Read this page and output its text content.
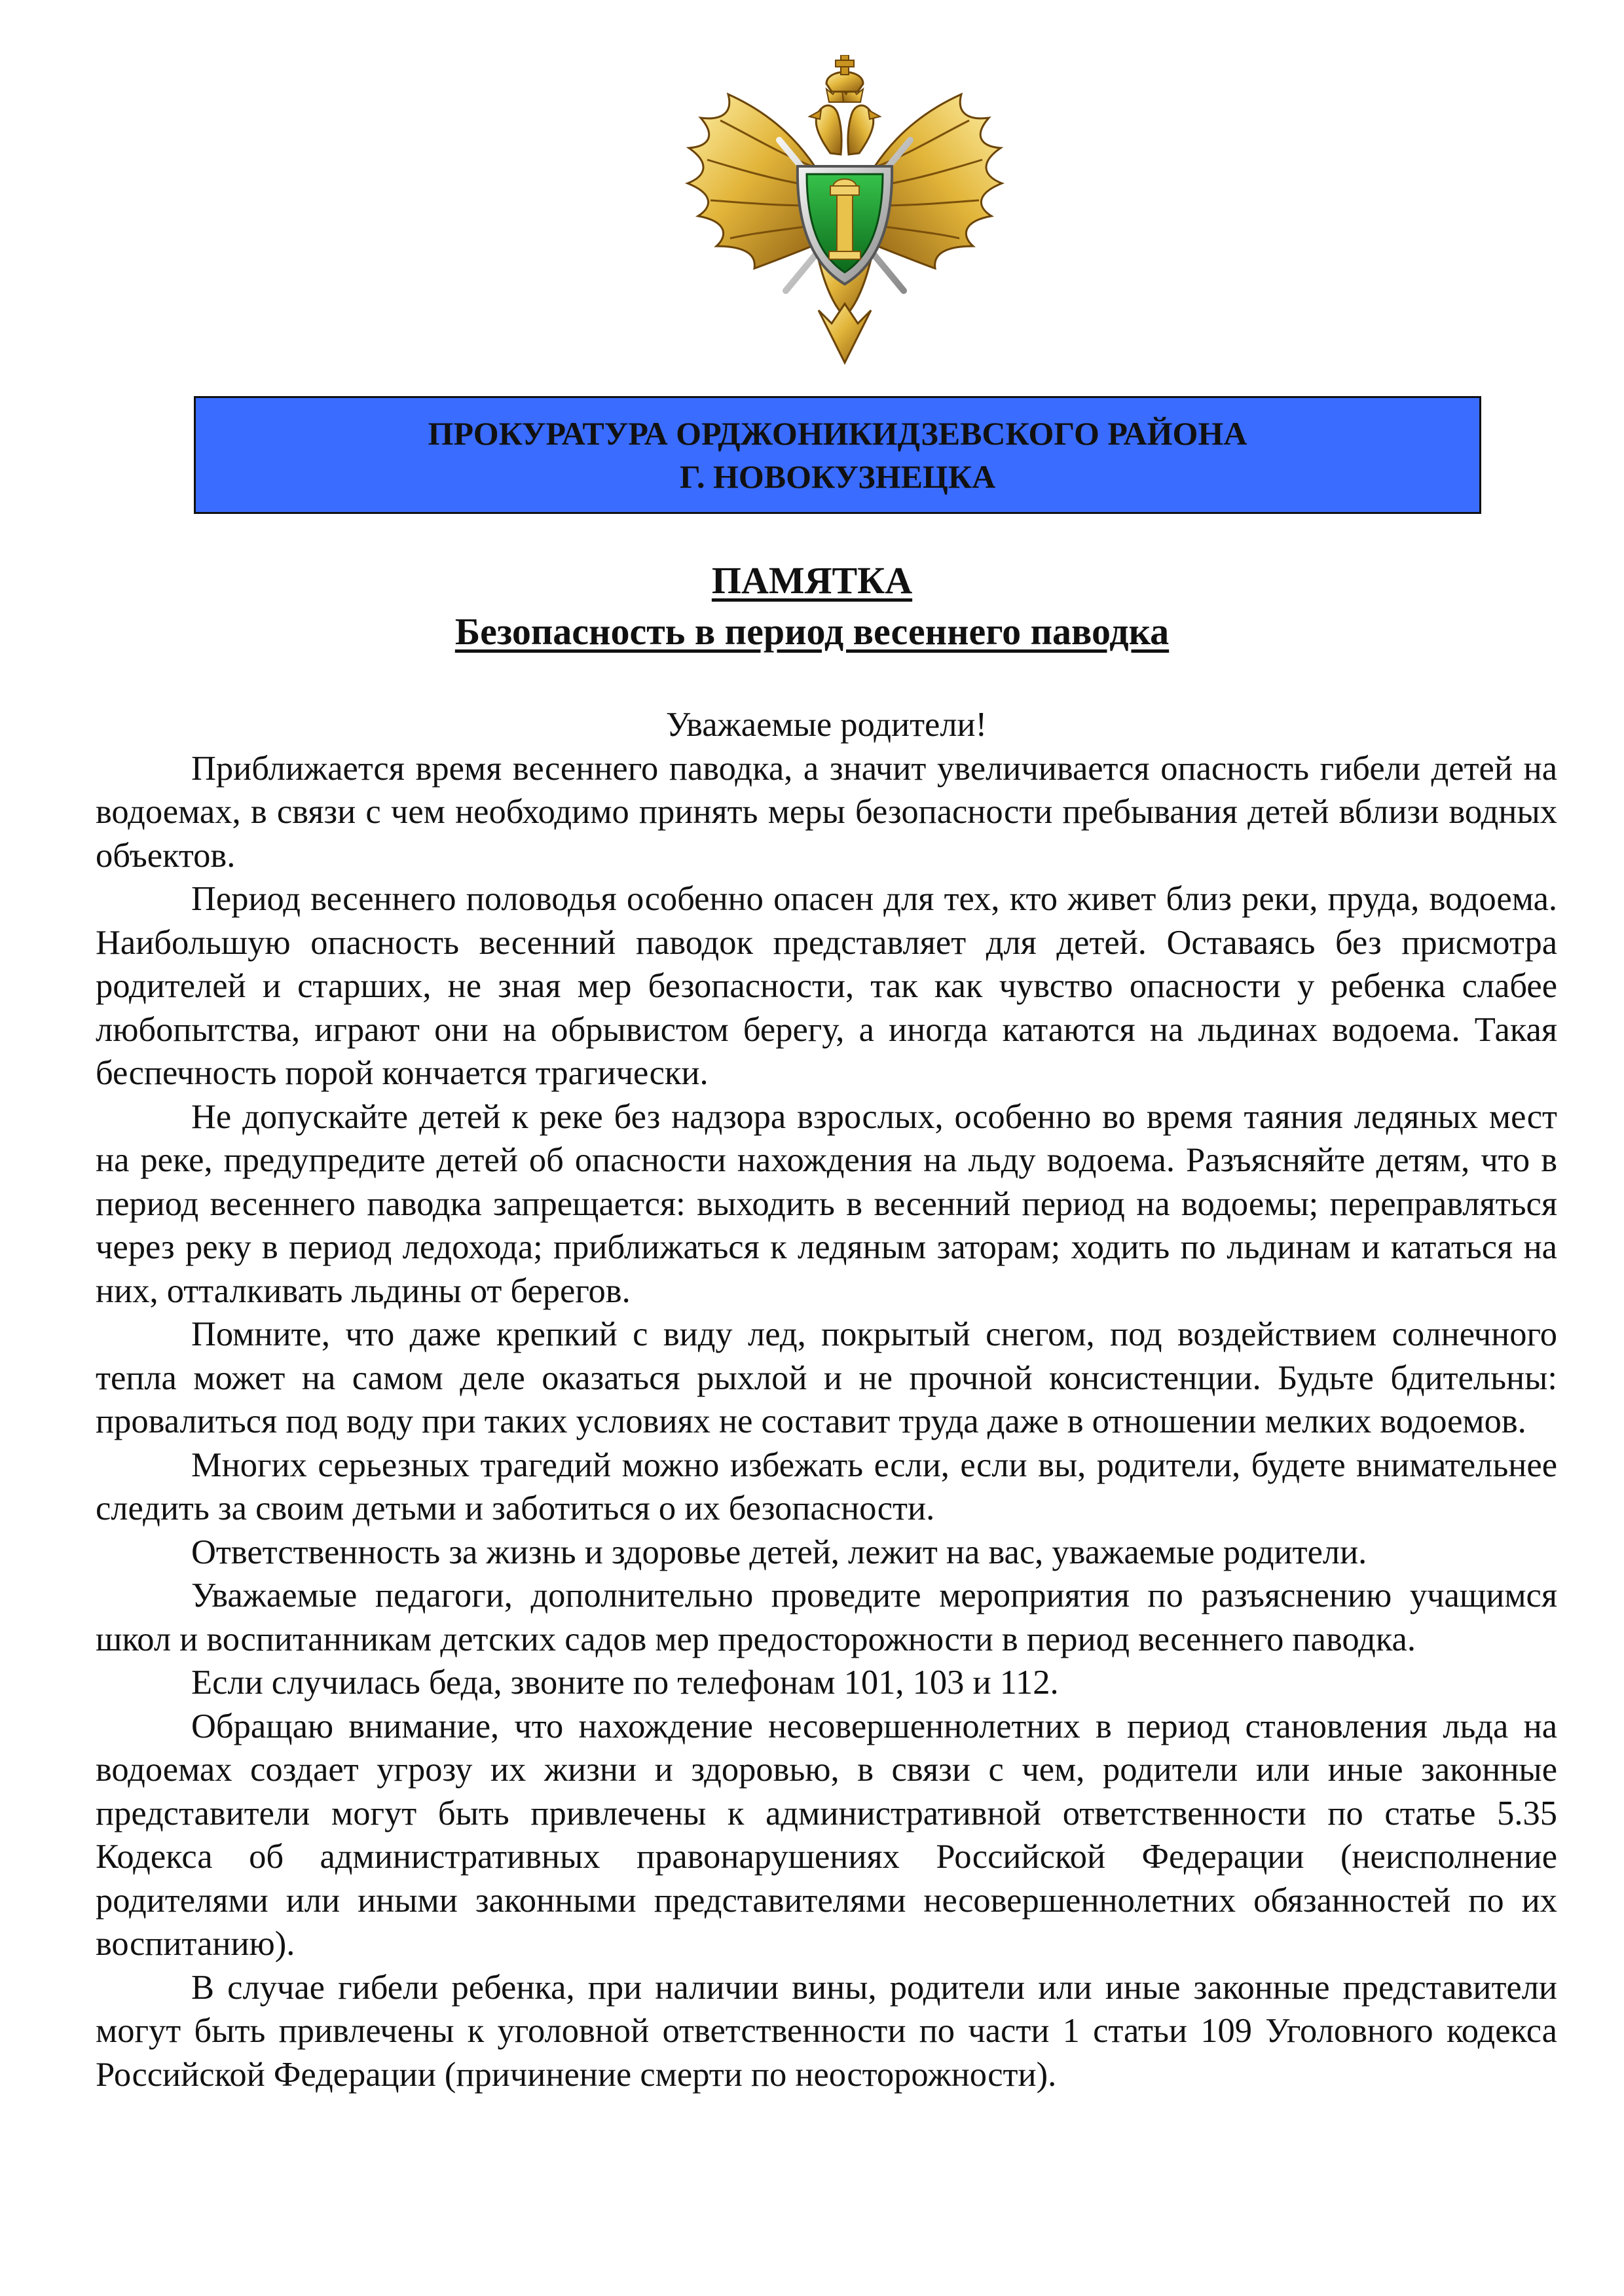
ПРОКУРАТУРА ОРДЖОНИКИДЗЕВСКОГО РАЙОНА
Г. НОВОКУЗНЕЦКА
ПАМЯТКА
Безопасность в период весеннего паводка

Уважаемые родители!

Приближается время весеннего паводка, а значит увеличивается опасность гибели детей на водоемах, в связи с чем необходимо принять меры безопасности пребывания детей вблизи водных объектов.

Период весеннего половодья особенно опасен для тех, кто живет близ реки, пруда, водоема. Наибольшую опасность весенний паводок представляет для детей. Оставаясь без присмотра родителей и старших, не зная мер безопасности, так как чувство опасности у ребенка слабее любопытства, играют они на обрывистом берегу, а иногда катаются на льдинах водоема. Такая беспечность порой кончается трагически.

Не допускайте детей к реке без надзора взрослых, особенно во время таяния ледяных мест на реке, предупредите детей об опасности нахождения на льду водоема. Разъясняйте детям, что в период весеннего паводка запрещается: выходить в весенний период на водоемы; переправляться через реку в период ледохода; приближаться к ледяным заторам; ходить по льдинам и кататься на них, отталкивать льдины от берегов.

Помните, что даже крепкий с виду лед, покрытый снегом, под воздействием солнечного тепла может на самом деле оказаться рыхлой и не прочной консистенции. Будьте бдительны: провалиться под воду при таких условиях не составит труда даже в отношении мелких водоемов.

Многих серьезных трагедий можно избежать если, если вы, родители, будете внимательнее следить за своим детьми и заботиться о их безопасности.

Ответственность за жизнь и здоровье детей, лежит на вас, уважаемые родители.

Уважаемые педагоги, дополнительно проведите мероприятия по разъяснению учащимся школ и воспитанникам детских садов мер предосторожности в период весеннего паводка.

Если случилась беда, звоните по телефонам 101, 103 и 112.

Обращаю внимание, что нахождение несовершеннолетних в период становления льда на водоемах создает угрозу их жизни и здоровью, в связи с чем, родители или иные законные представители могут быть привлечены к административной ответственности по статье 5.35 Кодекса об административных правонарушениях Российской Федерации (неисполнение родителями или иными законными представителями несовершеннолетних обязанностей по их воспитанию).

В случае гибели ребенка, при наличии вины, родители или иные законные представители могут быть привлечены к уголовной ответственности по части 1 статьи 109 Уголовного кодекса Российской Федерации (причинение смерти по неосторожности).
